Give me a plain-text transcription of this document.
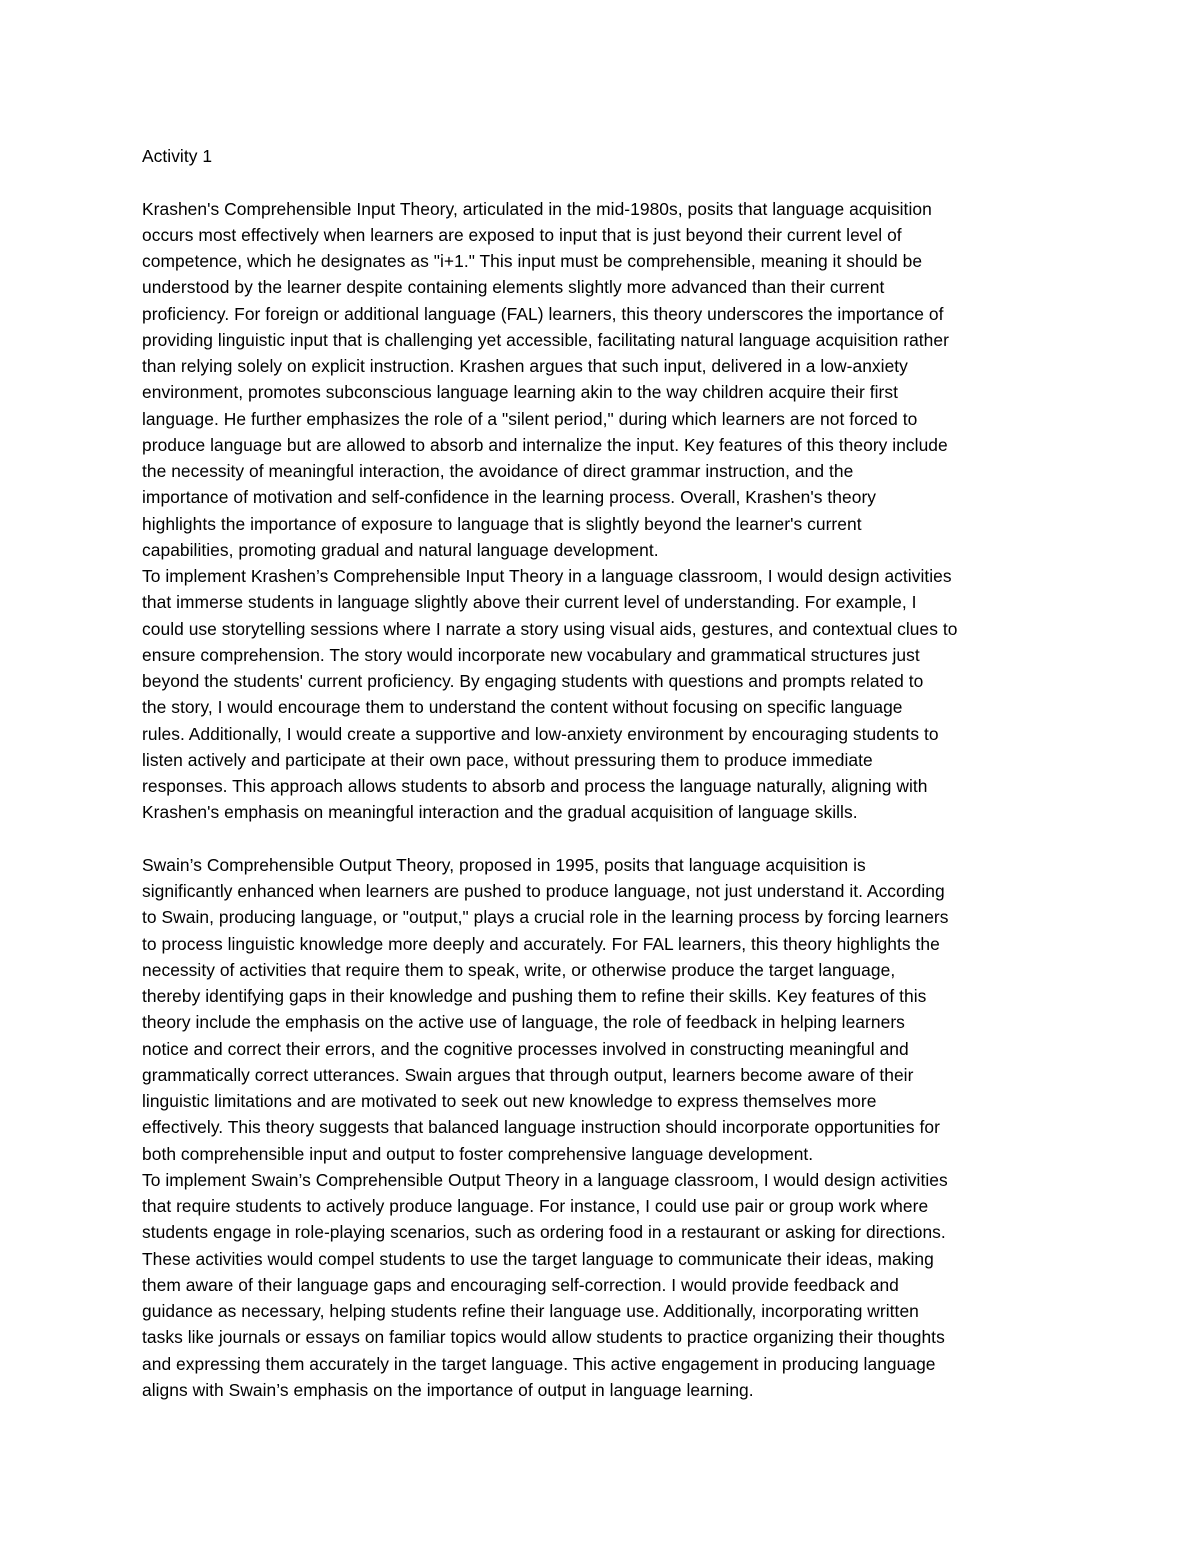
Activity 1
Krashen's Comprehensible Input Theory, articulated in the mid-1980s, posits that language acquisition
occurs most effectively when learners are exposed to input that is just beyond their current level of
competence, which he designates as "i+1." This input must be comprehensible, meaning it should be
understood by the learner despite containing elements slightly more advanced than their current
proficiency. For foreign or additional language (FAL) learners, this theory underscores the importance of
providing linguistic input that is challenging yet accessible, facilitating natural language acquisition rather
than relying solely on explicit instruction. Krashen argues that such input, delivered in a low-anxiety
environment, promotes subconscious language learning akin to the way children acquire their first
language. He further emphasizes the role of a "silent period," during which learners are not forced to
produce language but are allowed to absorb and internalize the input. Key features of this theory include
the necessity of meaningful interaction, the avoidance of direct grammar instruction, and the
importance of motivation and self-confidence in the learning process. Overall, Krashen's theory
highlights the importance of exposure to language that is slightly beyond the learner's current
capabilities, promoting gradual and natural language development.
To implement Krashen’s Comprehensible Input Theory in a language classroom, I would design activities
that immerse students in language slightly above their current level of understanding. For example, I
could use storytelling sessions where I narrate a story using visual aids, gestures, and contextual clues to
ensure comprehension. The story would incorporate new vocabulary and grammatical structures just
beyond the students' current proficiency. By engaging students with questions and prompts related to
the story, I would encourage them to understand the content without focusing on specific language
rules. Additionally, I would create a supportive and low-anxiety environment by encouraging students to
listen actively and participate at their own pace, without pressuring them to produce immediate
responses. This approach allows students to absorb and process the language naturally, aligning with
Krashen's emphasis on meaningful interaction and the gradual acquisition of language skills.
Swain’s Comprehensible Output Theory, proposed in 1995, posits that language acquisition is
significantly enhanced when learners are pushed to produce language, not just understand it. According
to Swain, producing language, or "output," plays a crucial role in the learning process by forcing learners
to process linguistic knowledge more deeply and accurately. For FAL learners, this theory highlights the
necessity of activities that require them to speak, write, or otherwise produce the target language,
thereby identifying gaps in their knowledge and pushing them to refine their skills. Key features of this
theory include the emphasis on the active use of language, the role of feedback in helping learners
notice and correct their errors, and the cognitive processes involved in constructing meaningful and
grammatically correct utterances. Swain argues that through output, learners become aware of their
linguistic limitations and are motivated to seek out new knowledge to express themselves more
effectively. This theory suggests that balanced language instruction should incorporate opportunities for
both comprehensible input and output to foster comprehensive language development.
To implement Swain’s Comprehensible Output Theory in a language classroom, I would design activities
that require students to actively produce language. For instance, I could use pair or group work where
students engage in role-playing scenarios, such as ordering food in a restaurant or asking for directions.
These activities would compel students to use the target language to communicate their ideas, making
them aware of their language gaps and encouraging self-correction. I would provide feedback and
guidance as necessary, helping students refine their language use. Additionally, incorporating written
tasks like journals or essays on familiar topics would allow students to practice organizing their thoughts
and expressing them accurately in the target language. This active engagement in producing language
aligns with Swain’s emphasis on the importance of output in language learning.
